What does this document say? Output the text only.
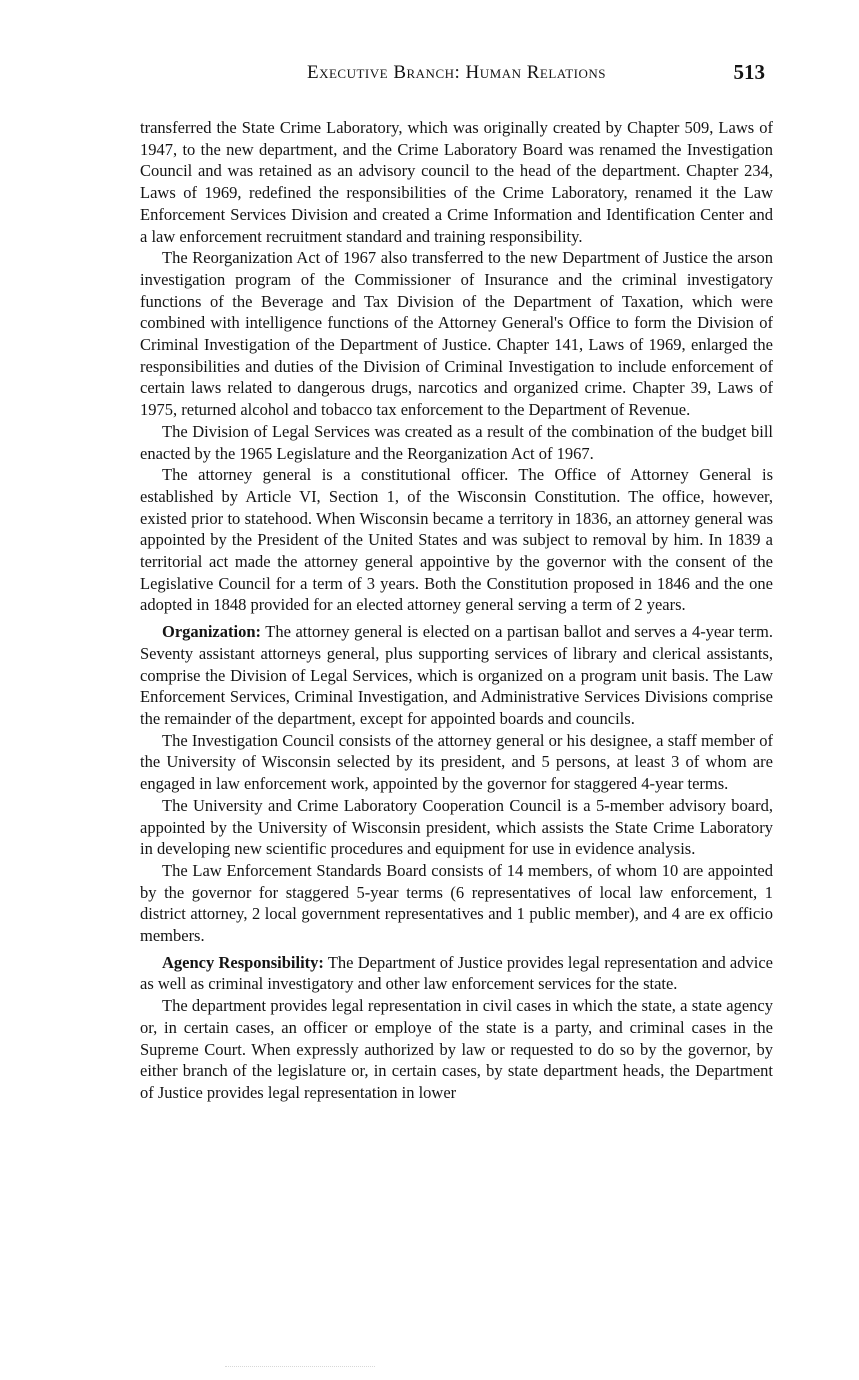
Executive Branch: Human Relations	513

transferred the State Crime Laboratory, which was originally created by Chapter 509, Laws of 1947, to the new department, and the Crime Laboratory Board was renamed the Investigation Council and was retained as an advisory council to the head of the department. Chapter 234, Laws of 1969, redefined the responsibilities of the Crime Laboratory, renamed it the Law Enforcement Services Division and created a Crime Information and Identification Center and a law enforcement recruitment standard and training responsibility.

The Reorganization Act of 1967 also transferred to the new Department of Justice the arson investigation program of the Commissioner of Insurance and the criminal investigatory functions of the Beverage and Tax Division of the Department of Taxation, which were combined with intelligence functions of the Attorney General's Office to form the Division of Criminal Investigation of the Department of Justice. Chapter 141, Laws of 1969, enlarged the responsibilities and duties of the Division of Criminal Investigation to include enforcement of certain laws related to dangerous drugs, narcotics and organized crime. Chapter 39, Laws of 1975, returned alcohol and tobacco tax enforcement to the Department of Revenue.

The Division of Legal Services was created as a result of the combination of the budget bill enacted by the 1965 Legislature and the Reorganization Act of 1967.

The attorney general is a constitutional officer. The Office of Attorney General is established by Article VI, Section 1, of the Wisconsin Constitution. The office, however, existed prior to statehood. When Wisconsin became a territory in 1836, an attorney general was appointed by the President of the United States and was subject to removal by him. In 1839 a territorial act made the attorney general appointive by the governor with the consent of the Legislative Council for a term of 3 years. Both the Constitution proposed in 1846 and the one adopted in 1848 provided for an elected attorney general serving a term of 2 years.

Organization: The attorney general is elected on a partisan ballot and serves a 4-year term. Seventy assistant attorneys general, plus supporting services of library and clerical assistants, comprise the Division of Legal Services, which is organized on a program unit basis. The Law Enforcement Services, Criminal Investigation, and Administrative Services Divisions comprise the remainder of the department, except for appointed boards and councils.

The Investigation Council consists of the attorney general or his designee, a staff member of the University of Wisconsin selected by its president, and 5 persons, at least 3 of whom are engaged in law enforcement work, appointed by the governor for staggered 4-year terms.

The University and Crime Laboratory Cooperation Council is a 5-member advisory board, appointed by the University of Wisconsin president, which assists the State Crime Laboratory in developing new scientific procedures and equipment for use in evidence analysis.

The Law Enforcement Standards Board consists of 14 members, of whom 10 are appointed by the governor for staggered 5-year terms (6 representatives of local law enforcement, 1 district attorney, 2 local government representatives and 1 public member), and 4 are ex officio members.

Agency Responsibility: The Department of Justice provides legal representation and advice as well as criminal investigatory and other law enforcement services for the state.

The department provides legal representation in civil cases in which the state, a state agency or, in certain cases, an officer or employe of the state is a party, and criminal cases in the Supreme Court. When expressly authorized by law or requested to do so by the governor, by either branch of the legislature or, in certain cases, by state department heads, the Department of Justice provides legal representation in lower
